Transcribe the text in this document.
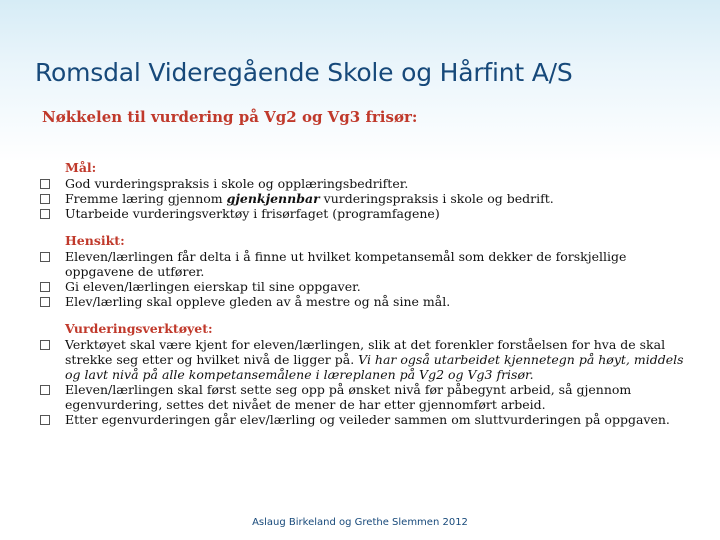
Romsdal Videregående Skole og Hårfint A/S
Nøkkelen til vurdering på Vg2 og Vg3 frisør:
Mål:
God vurderingspraksis i skole og opplæringsbedrifter.
Fremme læring gjennom gjenkjennbar vurderingspraksis i skole og bedrift.
Utarbeide vurderingsverktøy i frisørfaget (programfagene)
Hensikt:
Eleven/lærlingen får delta i å finne ut hvilket kompetansemål som dekker de forskjellige oppgavene de utfører.
Gi eleven/lærlingen eierskap til sine oppgaver.
Elev/lærling skal oppleve gleden av å mestre og nå sine mål.
Vurderingsverktøyet:
Verktøyet skal være kjent for eleven/lærlingen, slik at det forenkler forståelsen for hva de skal strekke seg etter og hvilket nivå de ligger på. Vi har også utarbeidet kjennetegn på høyt, middels og lavt nivå på alle kompetansemålene i læreplanen på Vg2 og Vg3 frisør.
Eleven/lærlingen skal først sette seg opp på ønsket nivå før påbegynt arbeid, så gjennom egenvurdering, settes det nivået de mener de har etter gjennomført arbeid.
Etter egenvurderingen går elev/lærling og veileder sammen om sluttvurderingen på oppgaven.
Aslaug Birkeland og Grethe Slemmen 2012
